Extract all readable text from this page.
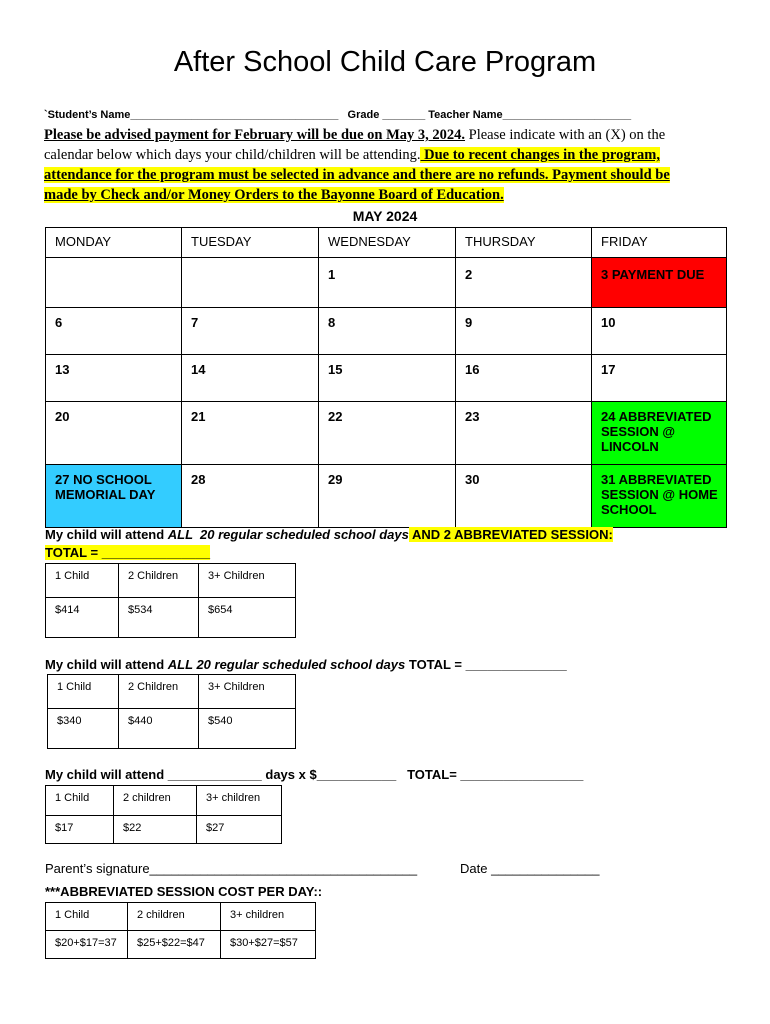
After School Child Care Program
`Student’s Name__________________________________   Grade _______ Teacher Name_____________________
Please be advised payment for February will be due on May 3, 2024. Please indicate with an (X) on the calendar below which days your child/children will be attending. Due to recent changes in the program, attendance for the program must be selected in advance and there are no refunds. Payment should be made by Check and/or Money Orders to the Bayonne Board of Education.
MAY 2024
MONDAY	TUESDAY	WEDNESDAY	THURSDAY	FRIDAY
		1	2	3 PAYMENT DUE
6	7	8	9	10
13	14	15	16	17
20	21	22	23	24 ABBREVIATED SESSION @ LINCOLN
27 NO SCHOOL MEMORIAL DAY	28	29	30	31 ABBREVIATED SESSION @ HOME SCHOOL
My child will attend ALL  20 regular scheduled school days AND 2 ABBREVIATED SESSION:
TOTAL = _______________
1 Child	2 Children	3+ Children
$414	$534	$654
My child will attend ALL 20 regular scheduled school days TOTAL = ______________
1 Child	2 Children	3+ Children
$340	$440	$540
My child will attend _____________ days x $___________   TOTAL= _________________
1 Child	2 children	3+ children
$17	$22	$27
Parent’s signature_____________________________________	Date _______________
***ABBREVIATED SESSION COST PER DAY::
1 Child	2 children	3+ children
$20+$17=37	$25+$22=$47	$30+$27=$57
